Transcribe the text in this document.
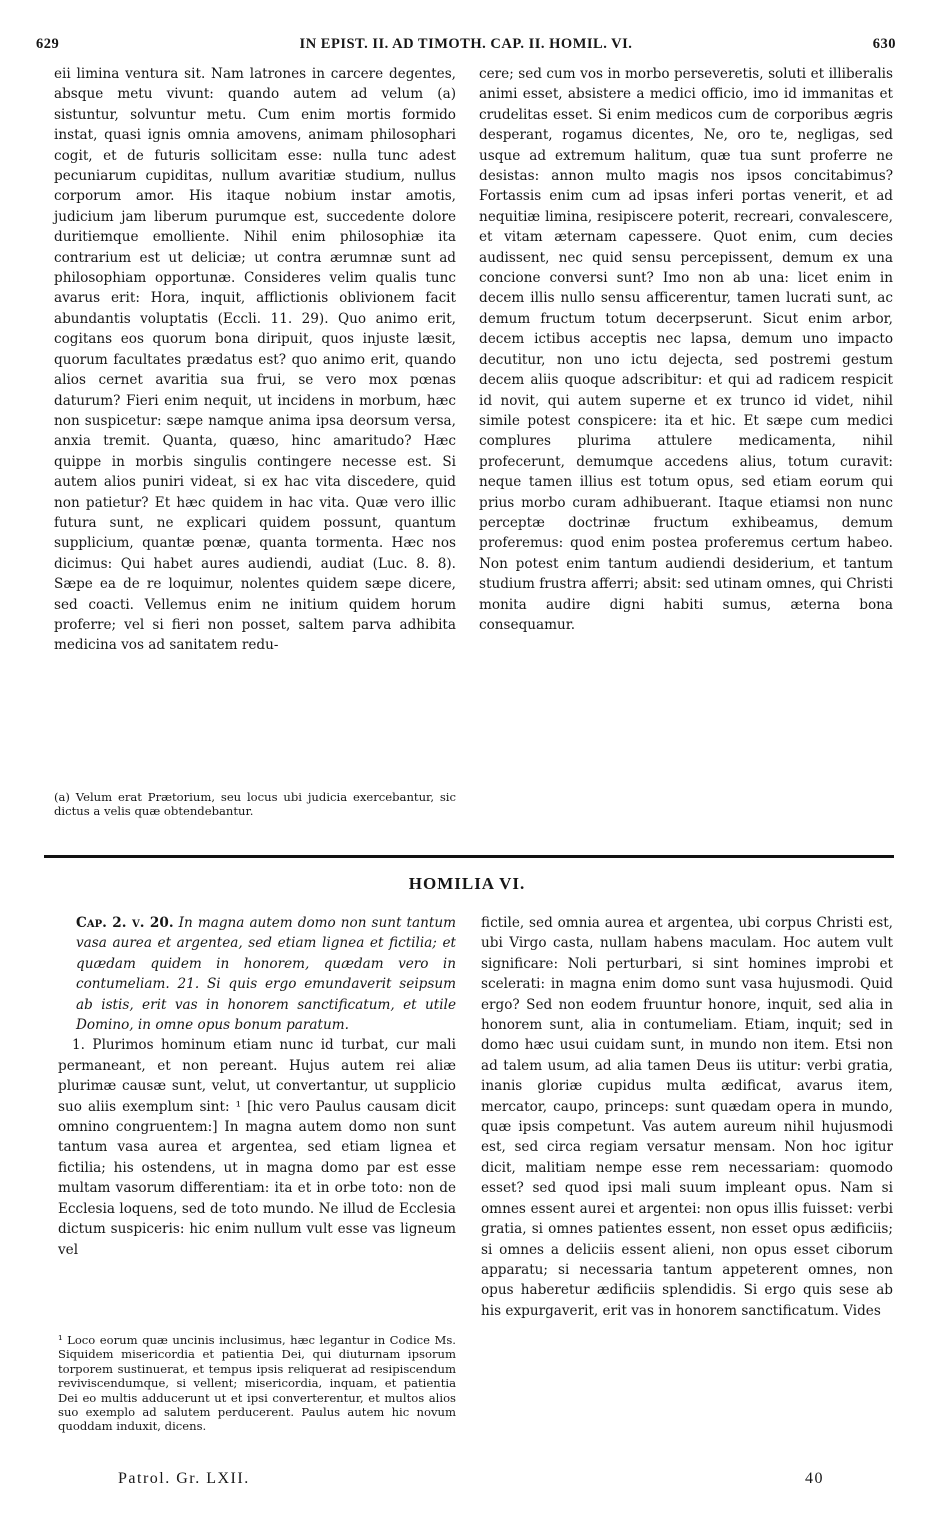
629	IN EPIST. II. AD TIMOTH. CAP. II. HOMIL. VI.	630

eii limina ventura sit. Nam latrones in carcere degentes, absque metu vivunt: quando autem ad velum (a) sistuntur, solvuntur metu. Cum enim mortis formido instat, quasi ignis omnia amovens, animam philosophari cogit, et de futuris sollicitam esse: nulla tunc adest pecuniarum cupiditas, nullum avaritiæ studium, nullus corporum amor. His itaque nobium instar amotis, judicium jam liberum purumque est, succedente dolore duritiemque emolliente. Nihil enim philosophiæ ita contrarium est ut deliciæ; ut contra ærumnæ sunt ad philosophiam opportunæ. Consideres velim qualis tunc avarus erit: Hora, inquit, afflictionis oblivionem facit abundantis voluptatis (Eccli. 11. 29). Quo animo erit, cogitans eos quorum bona diripuit, quos injuste læsit, quorum facultates prædatus est? quo animo erit, quando alios cernet avaritia sua frui, se vero mox pœnas daturum? Fieri enim nequit, ut incidens in morbum, hæc non suspicetur: sæpe namque anima ipsa deorsum versa, anxia tremit. Quanta, quæso, hinc amaritudo? Hæc quippe in morbis singulis contingere necesse est. Si autem alios puniri videat, si ex hac vita discedere, quid non patietur? Et hæc quidem in hac vita. Quæ vero illic futura sunt, ne explicari quidem possunt, quantum supplicium, quantæ pœnæ, quanta tormenta. Hæc nos dicimus: Qui habet aures audiendi, audiat (Luc. 8. 8). Sæpe ea de re loquimur, nolentes quidem sæpe dicere, sed coacti. Vellemus enim ne initium quidem horum proferre; vel si fieri non posset, saltem parva adhibita medicina vos ad sanitatem redu-

cere; sed cum vos in morbo perseveretis, soluti et illiberalis animi esset, absistere a medici officio, imo id immanitas et crudelitas esset. Si enim medicos cum de corporibus ægris desperant, rogamus dicentes, Ne, oro te, negligas, sed usque ad extremum halitum, quæ tua sunt proferre ne desistas: annon multo magis nos ipsos concitabimus? Fortassis enim cum ad ipsas inferi portas venerit, et ad nequitiæ limina, resipiscere poterit, recreari, convalescere, et vitam æternam capessere. Quot enim, cum decies audissent, nec quid sensu percepissent, demum ex una concione conversi sunt? Imo non ab una: licet enim in decem illis nullo sensu afficerentur, tamen lucrati sunt, ac demum fructum totum decerpserunt. Sicut enim arbor, decem ictibus acceptis nec lapsa, demum uno impacto decutitur, non uno ictu dejecta, sed postremi gestum decem aliis quoque adscribitur: et qui ad radicem respicit id novit, qui autem superne et ex trunco id videt, nihil simile potest conspicere: ita et hic. Et sæpe cum medici complures plurima attulere medicamenta, nihil profecerunt, demumque accedens alius, totum curavit: neque tamen illius est totum opus, sed etiam eorum qui prius morbo curam adhibuerant. Itaque etiamsi non nunc perceptæ doctrinæ fructum exhibeamus, demum proferemus: quod enim postea proferemus certum habeo. Non potest enim tantum audiendi desiderium, et tantum studium frustra afferri; absit: sed utinam omnes, qui Christi monita audire digni habiti sumus, æterna bona consequamur.

(a) Velum erat Prætorium, seu locus ubi judicia exercebantur, sic dictus a velis quæ obtendebantur.
HOMILIA VI.

Cap. 2. v. 20. In magna autem domo non sunt tantum vasa aurea et argentea, sed etiam lignea et fictilia; et quædam quidem in honorem, quædam vero in contumeliam. 21. Si quis ergo emundaverit seipsum ab istis, erit vas in honorem sanctificatum, et utile Domino, in omne opus bonum paratum.

1. Plurimos hominum etiam nunc id turbat, cur mali permaneant, et non pereant. Hujus autem rei aliæ plurimæ causæ sunt, velut, ut convertantur, ut supplicio suo aliis exemplum sint: ¹ [hic vero Paulus causam dicit omnino congruentem:] In magna autem domo non sunt tantum vasa aurea et argentea, sed etiam lignea et fictilia; his ostendens, ut in magna domo par est esse multam vasorum differentiam: ita et in orbe toto: non de Ecclesia loquens, sed de toto mundo. Ne illud de Ecclesia dictum suspiceris: hic enim nullum vult esse vas ligneum vel

fictile, sed omnia aurea et argentea, ubi corpus Christi est, ubi Virgo casta, nullam habens maculam. Hoc autem vult significare: Noli perturbari, si sint homines improbi et scelerati: in magna enim domo sunt vasa hujusmodi. Quid ergo? Sed non eodem fruuntur honore, inquit, sed alia in honorem sunt, alia in contumeliam. Etiam, inquit; sed in domo hæc usui cuidam sunt, in mundo non item. Etsi non ad talem usum, ad alia tamen Deus iis utitur: verbi gratia, inanis gloriæ cupidus multa ædificat, avarus item, mercator, caupo, princeps: sunt quædam opera in mundo, quæ ipsis competunt. Vas autem aureum nihil hujusmodi est, sed circa regiam versatur mensam. Non hoc igitur dicit, malitiam nempe esse rem necessariam: quomodo esset? sed quod ipsi mali suum impleant opus. Nam si omnes essent aurei et argentei: non opus illis fuisset: verbi gratia, si omnes patientes essent, non esset opus ædificiis; si omnes a deliciis essent alieni, non opus esset ciborum apparatu; si necessaria tantum appeterent omnes, non opus haberetur ædificiis splendidis. Si ergo quis sese ab his expurgaverit, erit vas in honorem sanctificatum. Vides

¹ Loco eorum quæ uncinis inclusimus, hæc legantur in Codice Ms. Siquidem misericordia et patientia Dei, qui diuturnam ipsorum torporem sustinuerat, et tempus ipsis reliquerat ad resipiscendum reviviscendumque, si vellent; misericordia, inquam, et patientia Dei eo multis adducerunt ut et ipsi converterentur, et multos alios suo exemplo ad salutem perducerent. Paulus autem hic novum quoddam induxit, dicens.
Patrol. Gr. LXII.	40
